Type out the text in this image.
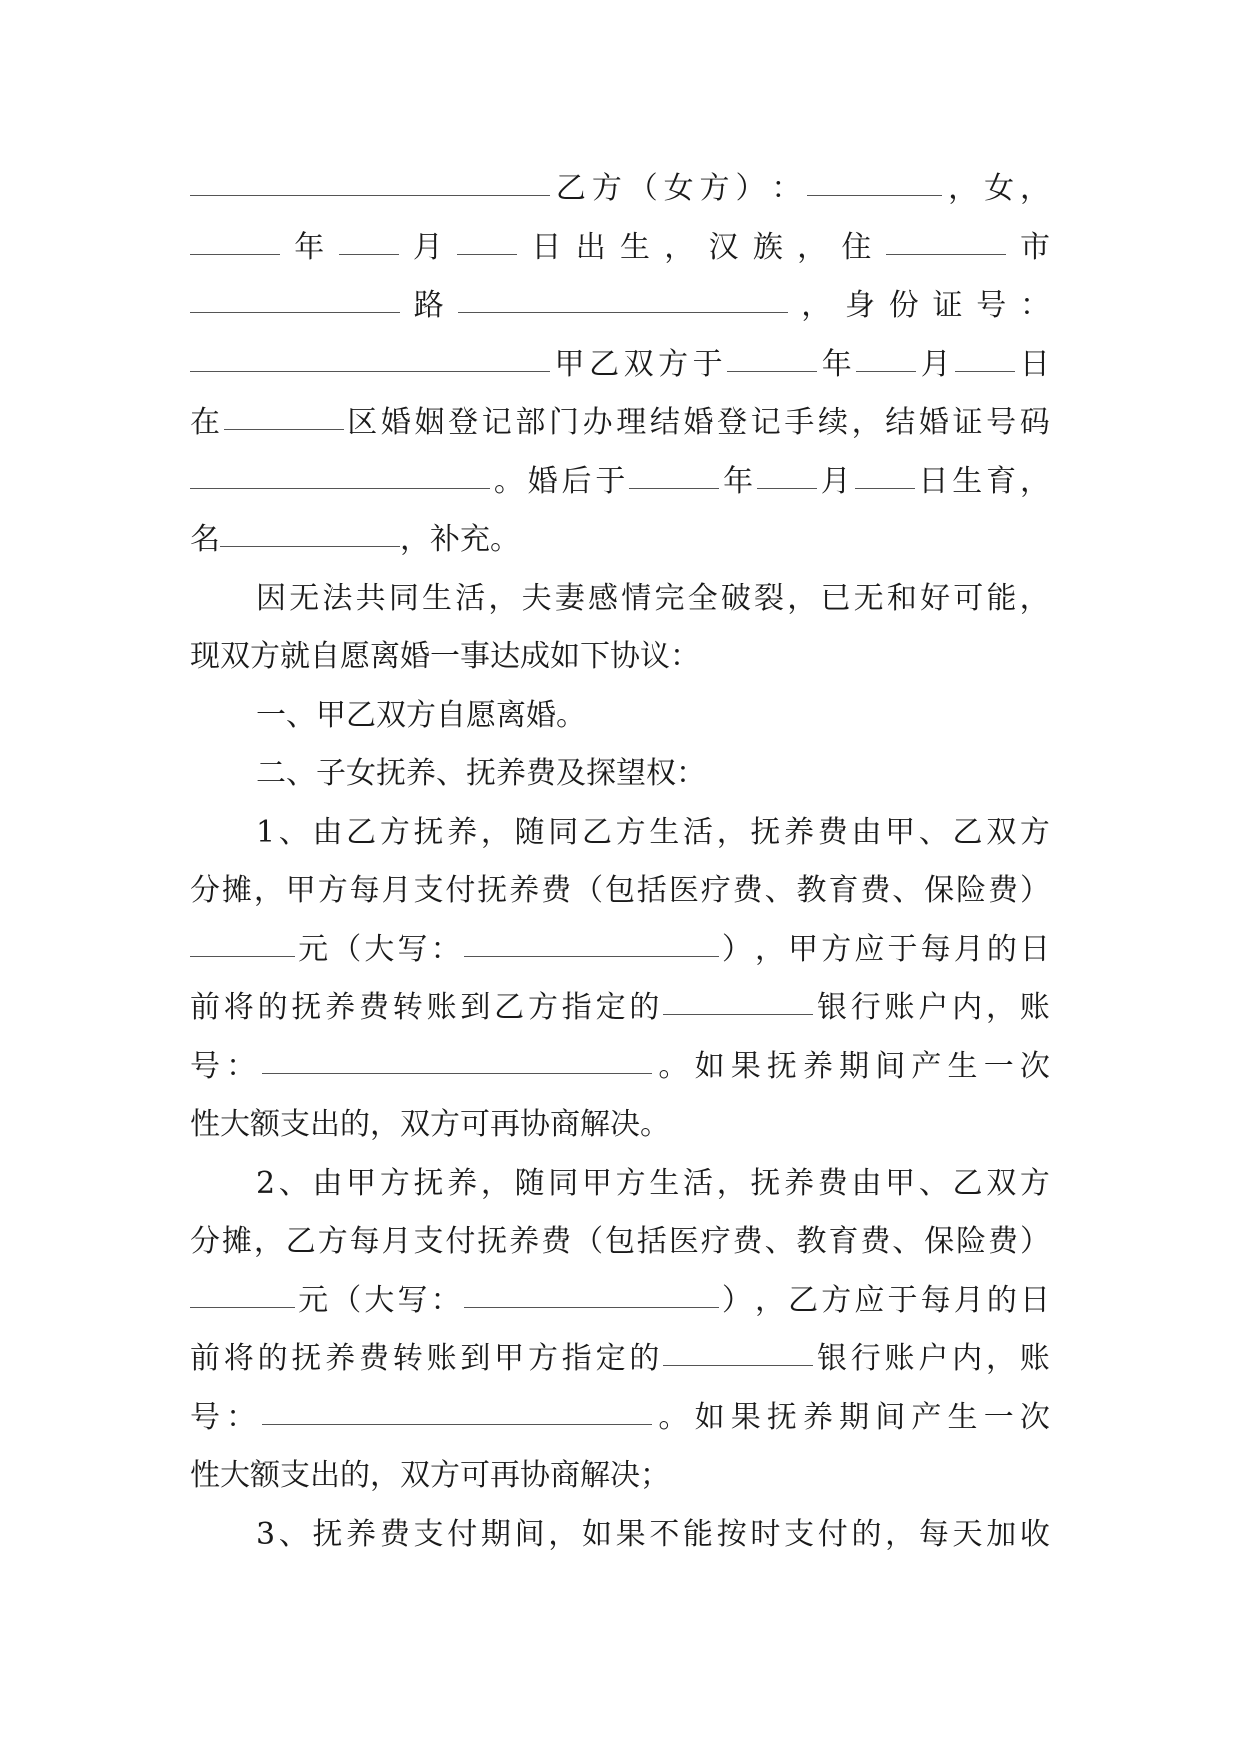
乙 方 （ 女 方 ） ：	， 女 ，
年	月	日 出 生 ， 汉 族 ， 住	市
路	， 身 份 证 号 ：
甲 乙 双 方 于	年 月 日
在	区 婚 姻 登 记 部 门 办 理 结 婚 登 记 手 续 ， 结 婚 证 号 码
。 婚 后 于	年 月 日 生 育 ，
名	， 补 充 。
因 无 法 共 同 生 活 ， 夫 妻 感 情 完 全 破 裂 ， 已 无 和 好 可 能 ，
现 双 方 就 自 愿 离 婚 一 事 达 成 如 下 协 议 ：
一 、 甲 乙 双 方 自 愿 离 婚 。
二 、 子 女 抚 养 、 抚 养 费 及 探 望 权 ：
1 、 由 乙 方 抚 养 ， 随 同 乙 方 生 活 ， 抚 养 费 由 甲 、 乙 双 方
分 摊 ， 甲 方 每 月 支 付 抚 养 费 （ 包 括 医 疗 费 、 教 育 费 、 保 险 费 ）
元 （ 大 写 ：	） ， 甲 方 应 于 每 月 的 日
前 将 的 抚 养 费 转 账 到 乙 方 指 定 的	银 行 账 户 内 ， 账
号 ：	。 如 果 抚 养 期 间 产 生 一 次
性 大 额 支 出 的 ， 双 方 可 再 协 商 解 决 。
2 、 由 甲 方 抚 养 ， 随 同 甲 方 生 活 ， 抚 养 费 由 甲 、 乙 双 方
分 摊 ， 乙 方 每 月 支 付 抚 养 费 （ 包 括 医 疗 费 、 教 育 费 、 保 险 费 ）
元 （ 大 写 ：	） ， 乙 方 应 于 每 月 的 日
前 将 的 抚 养 费 转 账 到 甲 方 指 定 的	银 行 账 户 内 ， 账
号 ：	。 如 果 抚 养 期 间 产 生 一 次
性 大 额 支 出 的 ， 双 方 可 再 协 商 解 决 ；
3 、 抚 养 费 支 付 期 间 ， 如 果 不 能 按 时 支 付 的 ， 每 天 加 收
